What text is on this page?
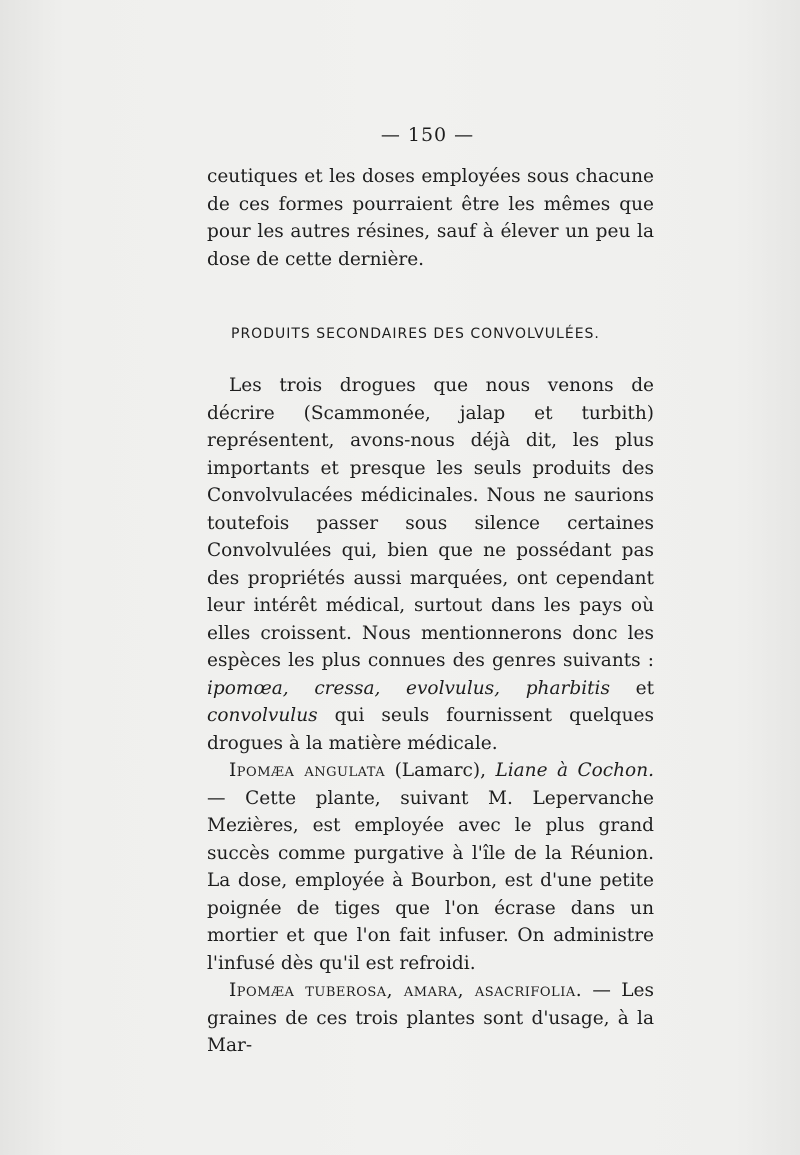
— 150 —

ceutiques et les doses employées sous chacune de ces formes pourraient être les mêmes que pour les autres résines, sauf à élever un peu la dose de cette dernière.

PRODUITS SECONDAIRES DES CONVOLVULÉES.

Les trois drogues que nous venons de décrire (Scammonée, jalap et turbith) représentent, avons-nous déjà dit, les plus importants et presque les seuls produits des Convolvulacées médicinales. Nous ne saurions toutefois passer sous silence certaines Convolvulées qui, bien que ne possédant pas des propriétés aussi marquées, ont cependant leur intérêt médical, surtout dans les pays où elles croissent. Nous mentionnerons donc les espèces les plus connues des genres suivants : ipomœa, cressa, evolvulus, pharbitis et convolvulus qui seuls fournissent quelques drogues à la matière médicale.

Ipomæa angulata (Lamarc), Liane à Cochon. — Cette plante, suivant M. Lepervanche Mezières, est employée avec le plus grand succès comme purgative à l'île de la Réunion. La dose, employée à Bourbon, est d'une petite poignée de tiges que l'on écrase dans un mortier et que l'on fait infuser. On administre l'infusé dès qu'il est refroidi.

Ipomæa tuberosa, amara, asacrifolia. — Les graines de ces trois plantes sont d'usage, à la Mar-
